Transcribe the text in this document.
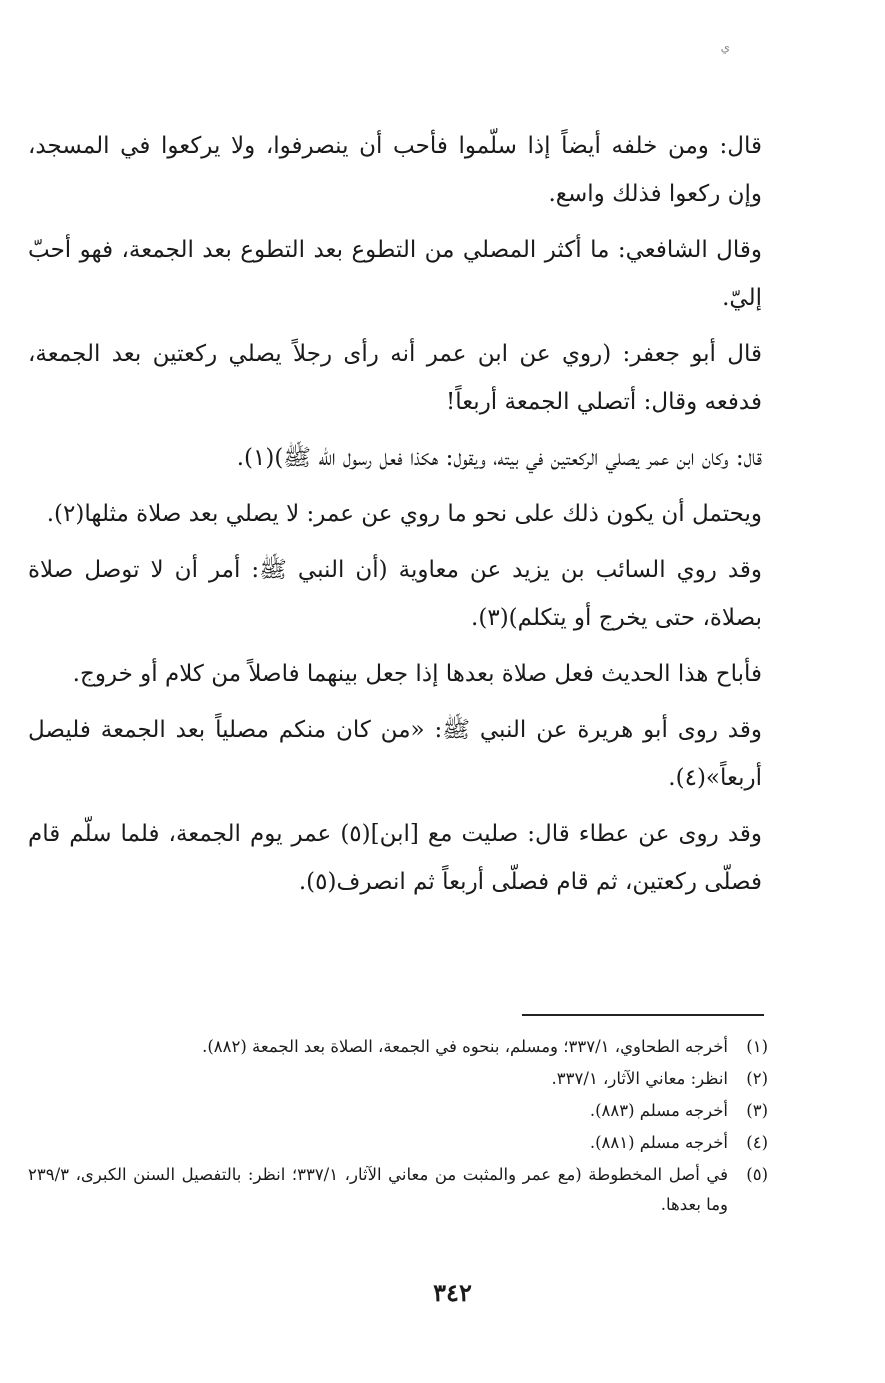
ي

قال: ومن خلفه أيضاً إذا سلّموا فأحب أن ينصرفوا، ولا يركعوا في المسجد، وإن ركعوا فذلك واسع.

وقال الشافعي: ما أكثر المصلي من التطوع بعد التطوع بعد الجمعة، فهو أحبّ إليّ.

قال أبو جعفر: (روي عن ابن عمر أنه رأى رجلاً يصلي ركعتين بعد الجمعة، فدفعه وقال: أتصلي الجمعة أربعاً!

قال: وكان ابن عمر يصلي الركعتين في بيته، ويقول: هكذا فعل رسول الله ﷺ)(١).

ويحتمل أن يكون ذلك على نحو ما روي عن عمر: لا يصلي بعد صلاة مثلها(٢).

وقد روي السائب بن يزيد عن معاوية (أن النبي ﷺ: أمر أن لا توصل صلاة بصلاة، حتى يخرج أو يتكلم)(٣).

فأباح هذا الحديث فعل صلاة بعدها إذا جعل بينهما فاصلاً من كلام أو خروج.

وقد روى أبو هريرة عن النبي ﷺ: «من كان منكم مصلياً بعد الجمعة فليصل أربعاً»(٤).

وقد روى عن عطاء قال: صليت مع [ابن](٥) عمر يوم الجمعة، فلما سلّم قام فصلّى ركعتين، ثم قام فصلّى أربعاً ثم انصرف(٥).

(١)
أخرجه الطحاوي، ٣٣٧/١؛ ومسلم، بنحوه في الجمعة، الصلاة بعد الجمعة (٨٨٢).
(٢)
انظر: معاني الآثار، ٣٣٧/١.
(٣)
أخرجه مسلم (٨٨٣).
(٤)
أخرجه مسلم (٨٨١).
(٥)
في أصل المخطوطة (مع عمر والمثبت من معاني الآثار، ٣٣٧/١؛ انظر: بالتفصيل السنن الكبرى، ٢٣٩/٣ وما بعدها.
٣٤٢
